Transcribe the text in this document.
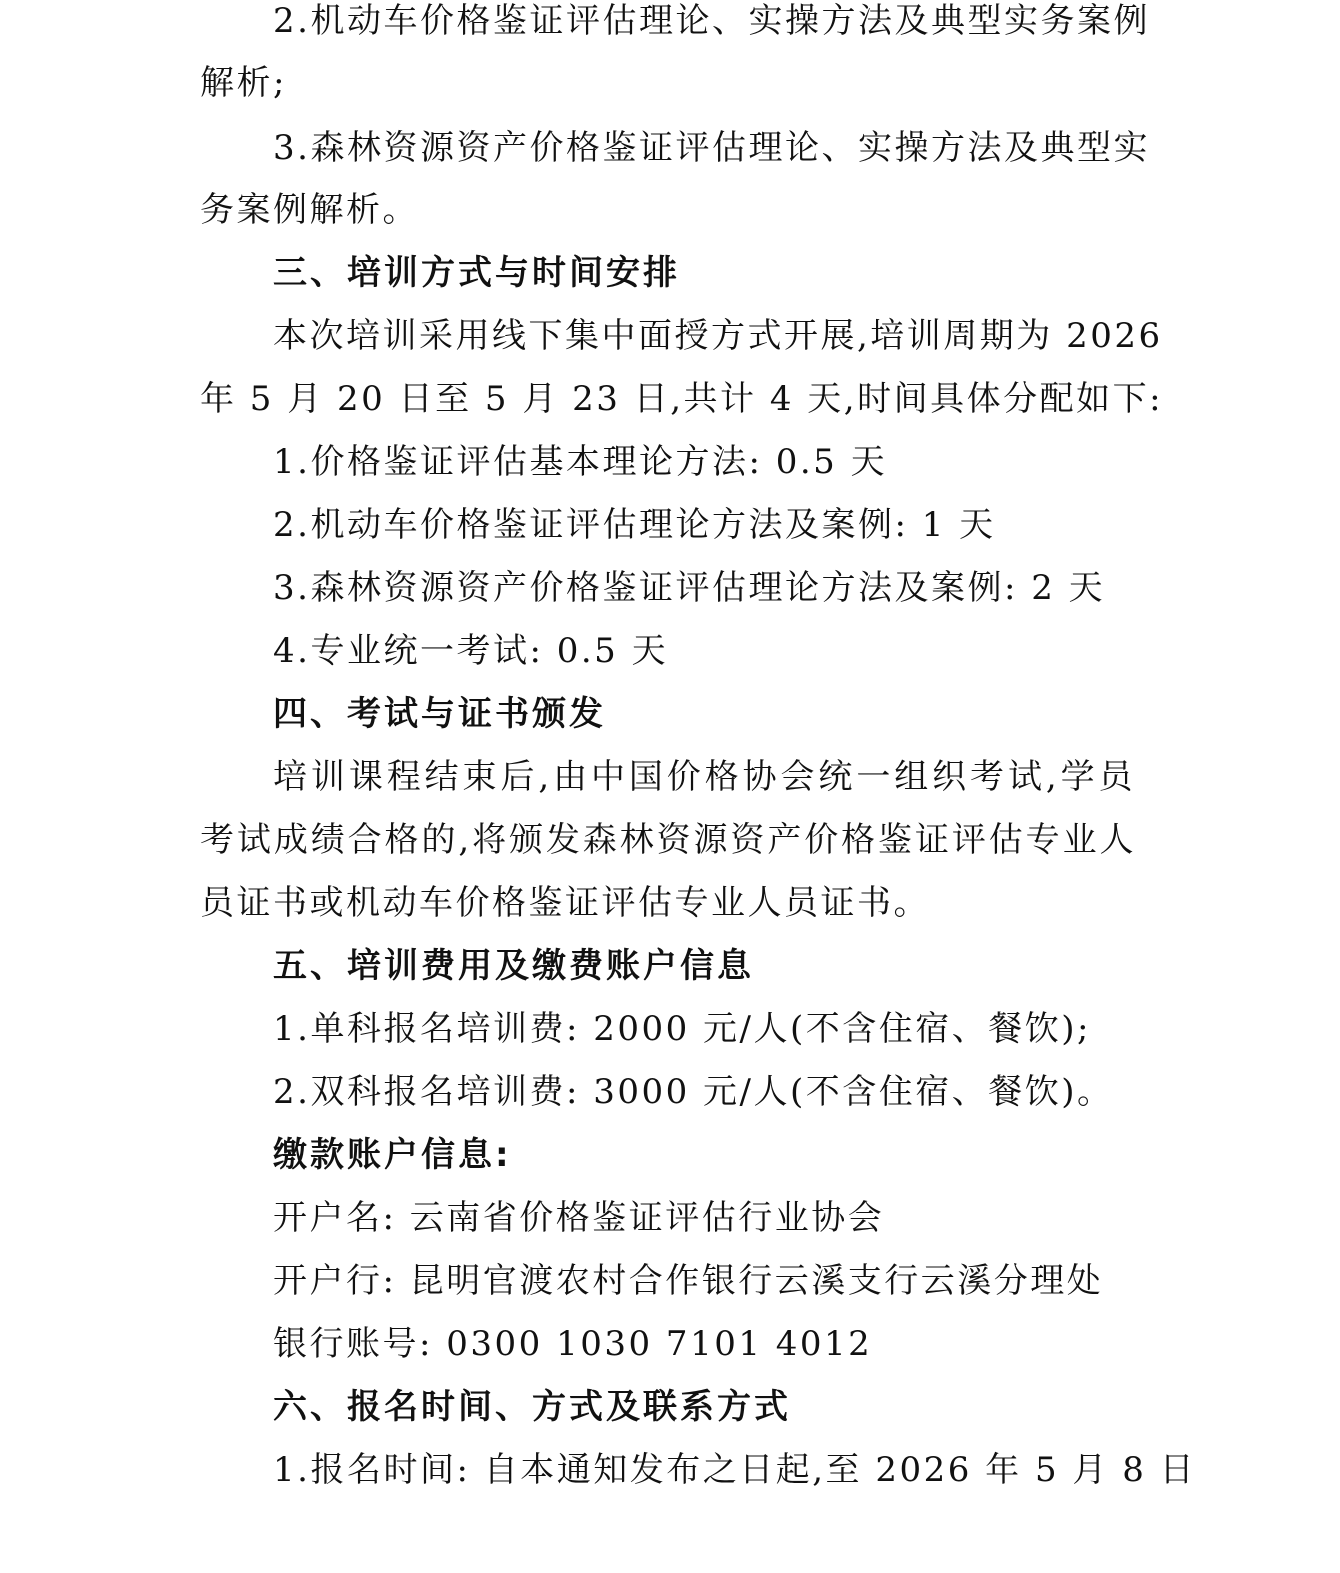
2.机动车价格鉴证评估理论、实操方法及典型实务案例
解析;
3.森林资源资产价格鉴证评估理论、实操方法及典型实
务案例解析。
三、培训方式与时间安排
本次培训采用线下集中面授方式开展,培训周期为 2026
年 5 月 20 日至 5 月 23 日,共计 4 天,时间具体分配如下:
1.价格鉴证评估基本理论方法: 0.5 天
2.机动车价格鉴证评估理论方法及案例: 1 天
3.森林资源资产价格鉴证评估理论方法及案例: 2 天
4.专业统一考试: 0.5 天
四、考试与证书颁发
培训课程结束后,由中国价格协会统一组织考试,学员
考试成绩合格的,将颁发森林资源资产价格鉴证评估专业人
员证书或机动车价格鉴证评估专业人员证书。
五、培训费用及缴费账户信息
1.单科报名培训费: 2000 元/人(不含住宿、餐饮);
2.双科报名培训费: 3000 元/人(不含住宿、餐饮)。
缴款账户信息:
开户名: 云南省价格鉴证评估行业协会
开户行: 昆明官渡农村合作银行云溪支行云溪分理处
银行账号: 0300 1030 7101 4012
六、报名时间、方式及联系方式
1.报名时间: 自本通知发布之日起,至 2026 年 5 月 8 日
